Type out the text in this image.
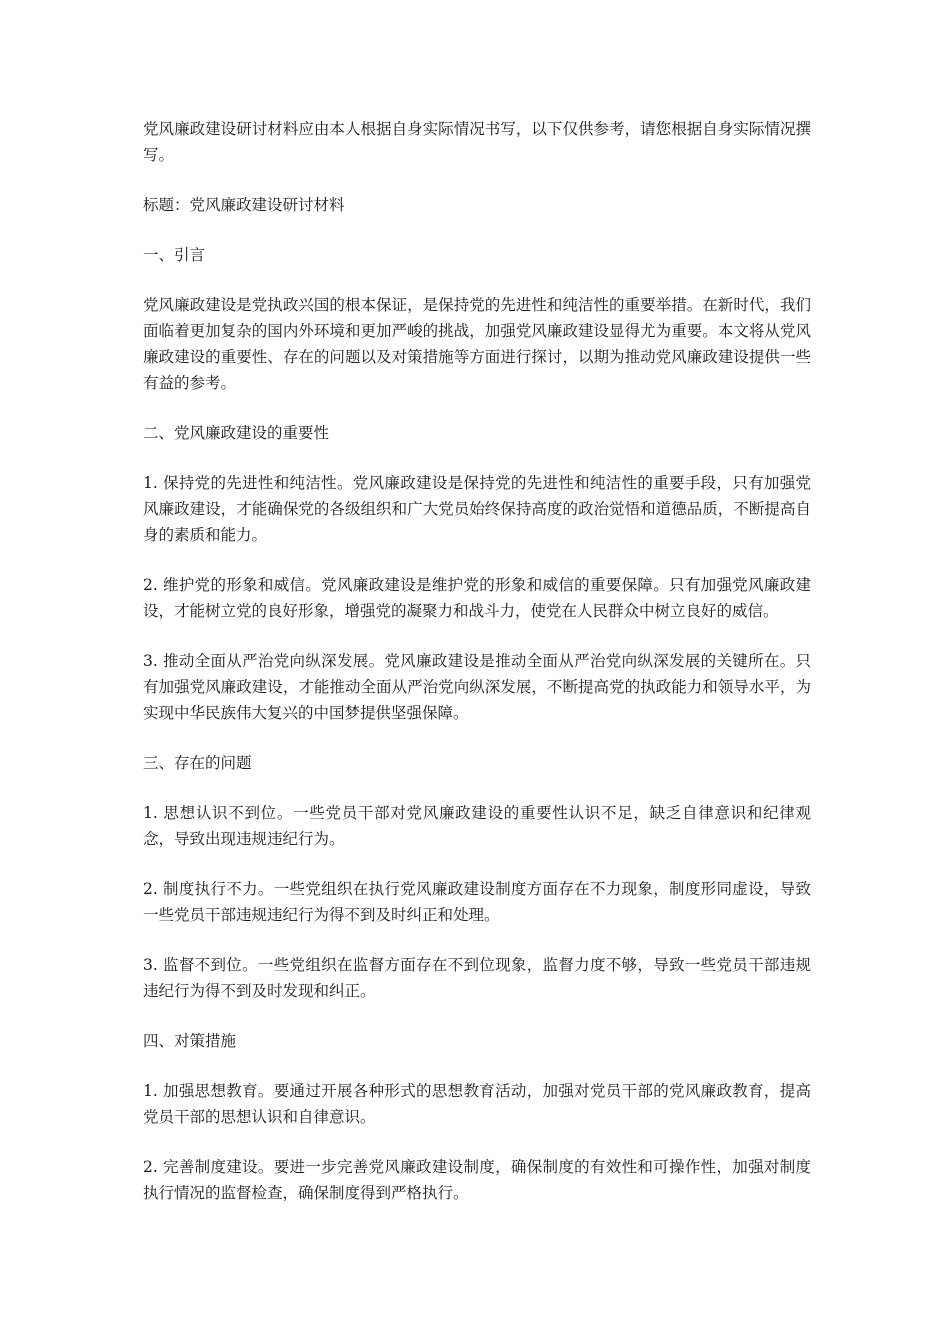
党风廉政建设研讨材料应由本人根据自身实际情况书写，以下仅供参考，请您根据自身实际情况撰写。

标题：党风廉政建设研讨材料

一、引言

党风廉政建设是党执政兴国的根本保证，是保持党的先进性和纯洁性的重要举措。在新时代，我们面临着更加复杂的国内外环境和更加严峻的挑战，加强党风廉政建设显得尤为重要。本文将从党风廉政建设的重要性、存在的问题以及对策措施等方面进行探讨，以期为推动党风廉政建设提供一些有益的参考。

二、党风廉政建设的重要性

1. 保持党的先进性和纯洁性。党风廉政建设是保持党的先进性和纯洁性的重要手段，只有加强党风廉政建设，才能确保党的各级组织和广大党员始终保持高度的政治觉悟和道德品质，不断提高自身的素质和能力。

2. 维护党的形象和威信。党风廉政建设是维护党的形象和威信的重要保障。只有加强党风廉政建设，才能树立党的良好形象，增强党的凝聚力和战斗力，使党在人民群众中树立良好的威信。

3. 推动全面从严治党向纵深发展。党风廉政建设是推动全面从严治党向纵深发展的关键所在。只有加强党风廉政建设，才能推动全面从严治党向纵深发展，不断提高党的执政能力和领导水平，为实现中华民族伟大复兴的中国梦提供坚强保障。

三、存在的问题

1. 思想认识不到位。一些党员干部对党风廉政建设的重要性认识不足，缺乏自律意识和纪律观念，导致出现违规违纪行为。

2. 制度执行不力。一些党组织在执行党风廉政建设制度方面存在不力现象，制度形同虚设，导致一些党员干部违规违纪行为得不到及时纠正和处理。

3. 监督不到位。一些党组织在监督方面存在不到位现象，监督力度不够，导致一些党员干部违规违纪行为得不到及时发现和纠正。

四、对策措施

1. 加强思想教育。要通过开展各种形式的思想教育活动，加强对党员干部的党风廉政教育，提高党员干部的思想认识和自律意识。

2. 完善制度建设。要进一步完善党风廉政建设制度，确保制度的有效性和可操作性，加强对制度执行情况的监督检查，确保制度得到严格执行。
